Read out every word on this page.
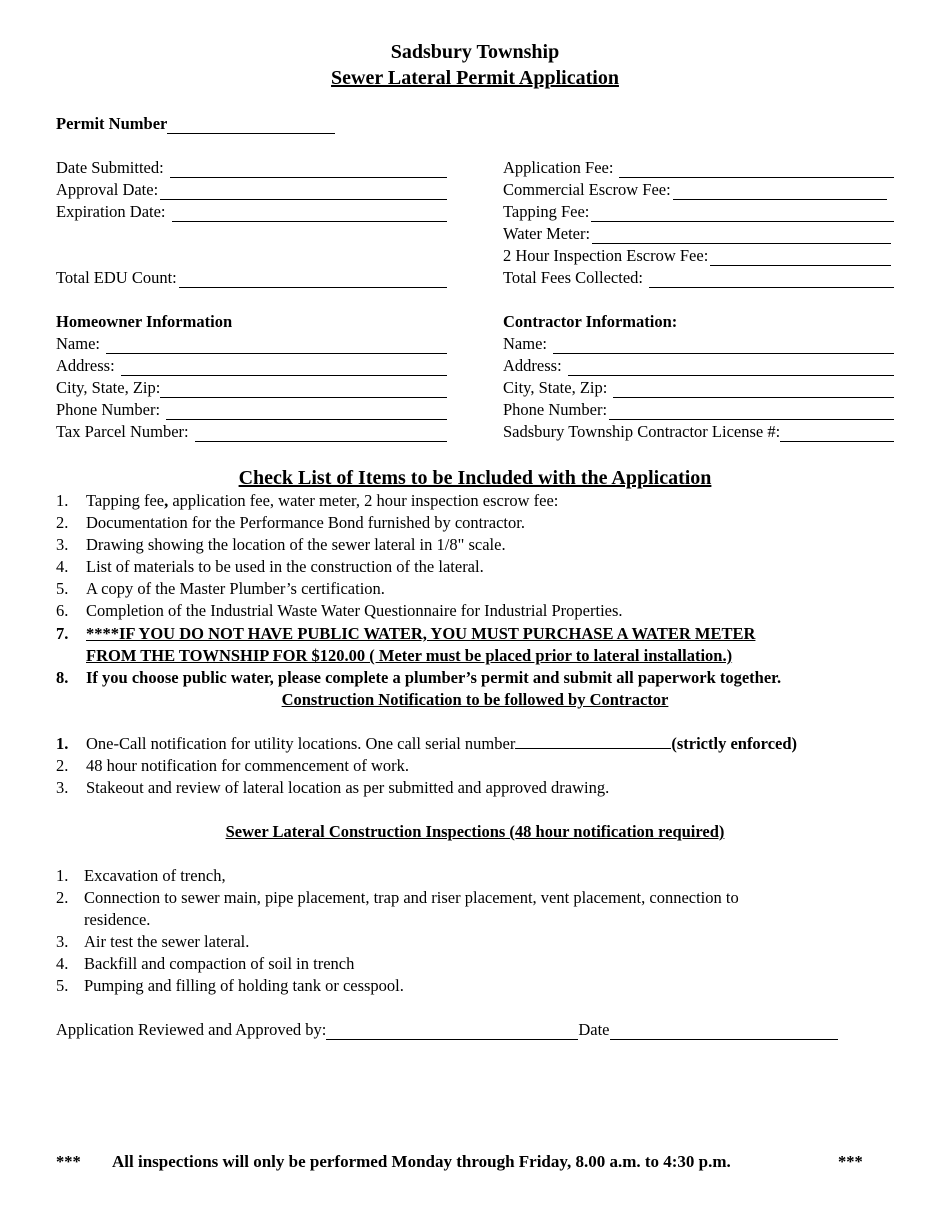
Sadsbury Township
Sewer Lateral Permit Application
Permit Number
Date Submitted:
Approval Date:
Expiration Date:
Total EDU Count:
Application Fee:
Commercial Escrow Fee:
Tapping Fee:
Water Meter:
2 Hour Inspection Escrow Fee:
Total Fees Collected:
Homeowner Information
Name:
Address:
City, State, Zip:
Phone Number:
Tax Parcel Number:
Contractor Information:
Name:
Address:
City, State, Zip:
Phone Number:
Sadsbury Township Contractor License #:
Check List of Items to be Included with the Application
1. Tapping fee, application fee, water meter, 2 hour inspection escrow fee:
2. Documentation for the Performance Bond furnished by contractor.
3. Drawing showing the location of the sewer lateral in 1/8" scale.
4. List of materials to be used in the construction of the lateral.
5. A copy of the Master Plumber’s certification.
6. Completion of the Industrial Waste Water Questionnaire for Industrial Properties.
7. ****IF YOU DO NOT HAVE PUBLIC WATER, YOU MUST PURCHASE A WATER METER
FROM THE TOWNSHIP FOR $120.00 ( Meter must be placed prior to lateral installation.)
8. If you choose public water, please complete a plumber’s permit and submit all paperwork together.
Construction Notification to be followed by Contractor
1. One-Call notification for utility locations. One call serial number	(strictly enforced)
2. 48 hour notification for commencement of work.
3. Stakeout and review of lateral location as per submitted and approved drawing.
Sewer Lateral Construction Inspections (48 hour notification required)
1. Excavation of trench,
2. Connection to sewer main, pipe placement, trap and riser placement, vent placement, connection to
residence.
3. Air test the sewer lateral.
4. Backfill and compaction of soil in trench
5. Pumping and filling of holding tank or cesspool.
Application Reviewed and Approved by:	Date
*** All inspections will only be performed Monday through Friday, 8.00 a.m. to 4:30 p.m.	***
